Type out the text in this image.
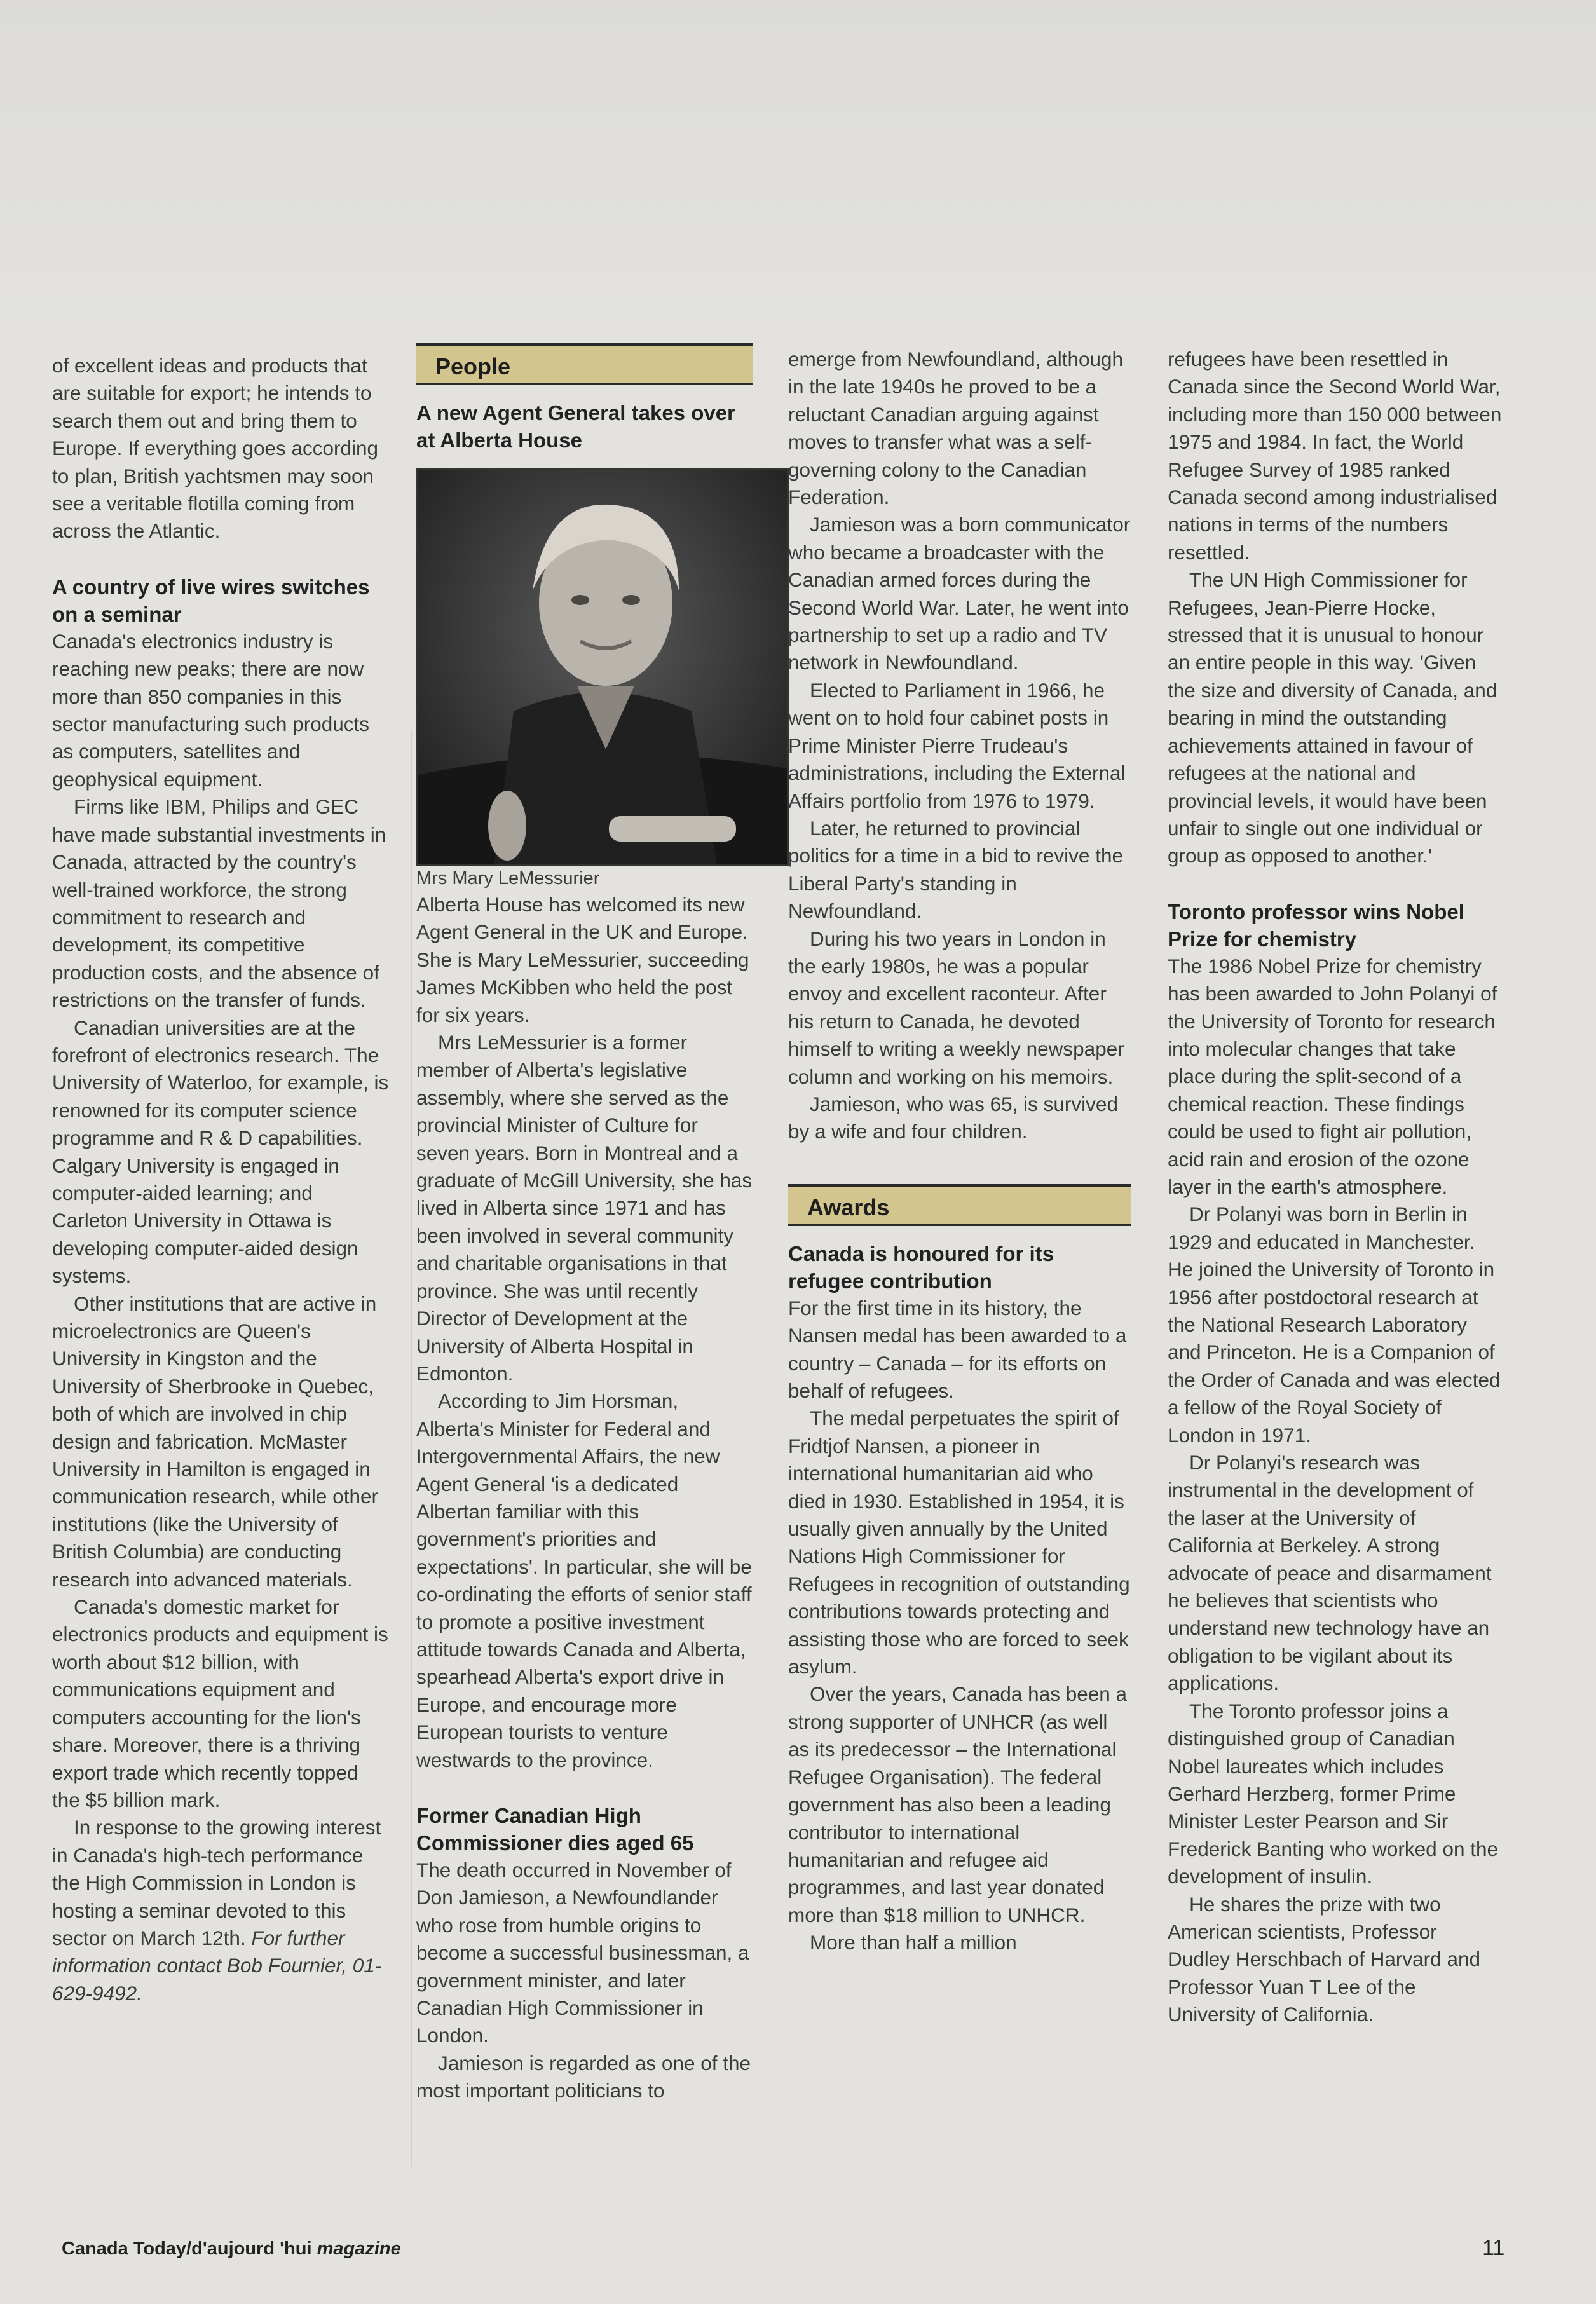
of excellent ideas and products that are suitable for export; he intends to search them out and bring them to Europe. If everything goes according to plan, British yachtsmen may soon see a veritable flotilla coming from across the Atlantic.

A country of live wires switches on a seminar

Canada's electronics industry is reaching new peaks; there are now more than 850 companies in this sector manufacturing such products as computers, satellites and geophysical equipment.

Firms like IBM, Philips and GEC have made substantial investments in Canada, attracted by the country's well-trained workforce, the strong commitment to research and development, its competitive production costs, and the absence of restrictions on the transfer of funds.

Canadian universities are at the forefront of electronics research. The University of Waterloo, for example, is renowned for its computer science programme and R & D capabilities. Calgary University is engaged in computer-aided learning; and Carleton University in Ottawa is developing computer-aided design systems.

Other institutions that are active in microelectronics are Queen's University in Kingston and the University of Sherbrooke in Quebec, both of which are involved in chip design and fabrication. McMaster University in Hamilton is engaged in communication research, while other institutions (like the University of British Columbia) are conducting research into advanced materials.

Canada's domestic market for electronics products and equipment is worth about $12 billion, with communications equipment and computers accounting for the lion's share. Moreover, there is a thriving export trade which recently topped the $5 billion mark.

In response to the growing interest in Canada's high-tech performance the High Commission in London is hosting a seminar devoted to this sector on March 12th. For further information contact Bob Fournier, 01-629-9492.

People
A new Agent General takes over at Alberta House
Mrs Mary LeMessurier

Alberta House has welcomed its new Agent General in the UK and Europe. She is Mary LeMessurier, succeeding James McKibben who held the post for six years.

Mrs LeMessurier is a former member of Alberta's legislative assembly, where she served as the provincial Minister of Culture for seven years. Born in Montreal and a graduate of McGill University, she has lived in Alberta since 1971 and has been involved in several community and charitable organisations in that province. She was until recently Director of Development at the University of Alberta Hospital in Edmonton.

According to Jim Horsman, Alberta's Minister for Federal and Intergovernmental Affairs, the new Agent General 'is a dedicated Albertan familiar with this government's priorities and expectations'. In particular, she will be co-ordinating the efforts of senior staff to promote a positive investment attitude towards Canada and Alberta, spearhead Alberta's export drive in Europe, and encourage more European tourists to venture westwards to the province.

Former Canadian High Commissioner dies aged 65

The death occurred in November of Don Jamieson, a Newfoundlander who rose from humble origins to become a successful businessman, a government minister, and later Canadian High Commissioner in London.

Jamieson is regarded as one of the most important politicians to

emerge from Newfoundland, although in the late 1940s he proved to be a reluctant Canadian arguing against moves to transfer what was a self-governing colony to the Canadian Federation.

Jamieson was a born communicator who became a broadcaster with the Canadian armed forces during the Second World War. Later, he went into partnership to set up a radio and TV network in Newfoundland.

Elected to Parliament in 1966, he went on to hold four cabinet posts in Prime Minister Pierre Trudeau's administrations, including the External Affairs portfolio from 1976 to 1979.

Later, he returned to provincial politics for a time in a bid to revive the Liberal Party's standing in Newfoundland.

During his two years in London in the early 1980s, he was a popular envoy and excellent raconteur. After his return to Canada, he devoted himself to writing a weekly newspaper column and working on his memoirs.

Jamieson, who was 65, is survived by a wife and four children.

Awards
Canada is honoured for its refugee contribution

For the first time in its history, the Nansen medal has been awarded to a country – Canada – for its efforts on behalf of refugees.

The medal perpetuates the spirit of Fridtjof Nansen, a pioneer in international humanitarian aid who died in 1930. Established in 1954, it is usually given annually by the United Nations High Commissioner for Refugees in recognition of outstanding contributions towards protecting and assisting those who are forced to seek asylum.

Over the years, Canada has been a strong supporter of UNHCR (as well as its predecessor – the International Refugee Organisation). The federal government has also been a leading contributor to international humanitarian and refugee aid programmes, and last year donated more than $18 million to UNHCR.

More than half a million

refugees have been resettled in Canada since the Second World War, including more than 150 000 between 1975 and 1984. In fact, the World Refugee Survey of 1985 ranked Canada second among industrialised nations in terms of the numbers resettled.

The UN High Commissioner for Refugees, Jean-Pierre Hocke, stressed that it is unusual to honour an entire people in this way. 'Given the size and diversity of Canada, and bearing in mind the outstanding achievements attained in favour of refugees at the national and provincial levels, it would have been unfair to single out one individual or group as opposed to another.'

Toronto professor wins Nobel Prize for chemistry

The 1986 Nobel Prize for chemistry has been awarded to John Polanyi of the University of Toronto for research into molecular changes that take place during the split-second of a chemical reaction. These findings could be used to fight air pollution, acid rain and erosion of the ozone layer in the earth's atmosphere.

Dr Polanyi was born in Berlin in 1929 and educated in Manchester. He joined the University of Toronto in 1956 after postdoctoral research at the National Research Laboratory and Princeton. He is a Companion of the Order of Canada and was elected a fellow of the Royal Society of London in 1971.

Dr Polanyi's research was instrumental in the development of the laser at the University of California at Berkeley. A strong advocate of peace and disarmament he believes that scientists who understand new technology have an obligation to be vigilant about its applications.

The Toronto professor joins a distinguished group of Canadian Nobel laureates which includes Gerhard Herzberg, former Prime Minister Lester Pearson and Sir Frederick Banting who worked on the development of insulin.

He shares the prize with two American scientists, Professor Dudley Herschbach of Harvard and Professor Yuan T Lee of the University of California.

Canada Today/d'aujourd 'hui magazine	11
